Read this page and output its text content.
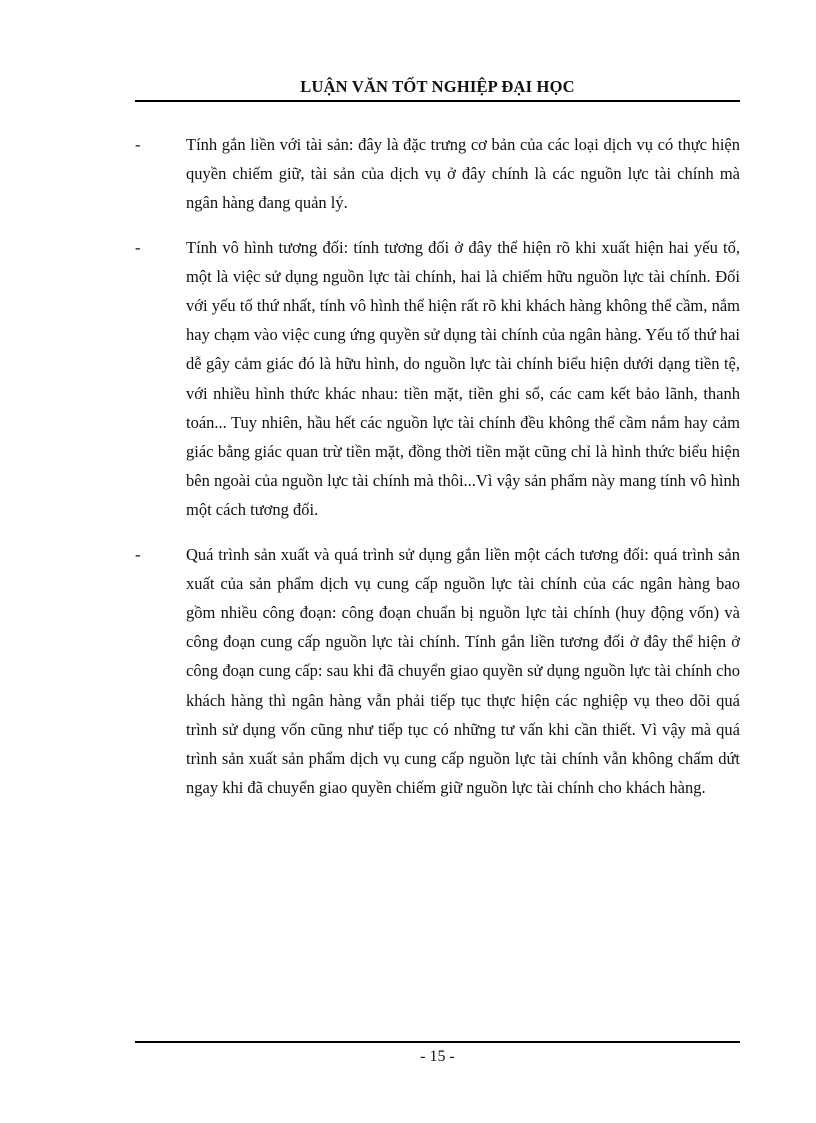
LUẬN VĂN TỐT NGHIỆP ĐẠI HỌC
-	Tính gắn liền với tài sản: đây là đặc trưng cơ bản của các loại dịch vụ có thực hiện quyền chiếm giữ, tài sản của dịch vụ ở đây chính là các nguồn lực tài chính mà ngân hàng đang quản lý.

-	Tính vô hình tương đối: tính tương đối ở đây thể hiện rõ khi xuất hiện hai yếu tố, một là việc sử dụng nguồn lực tài chính, hai là chiếm hữu nguồn lực tài chính. Đối với yếu tố thứ nhất, tính vô hình thể hiện rất rõ khi khách hàng không thể cầm, nắm hay chạm vào việc cung ứng quyền sử dụng tài chính của ngân hàng. Yếu tố thứ hai dễ gây cảm giác đó là hữu hình, do nguồn lực tài chính biểu hiện dưới dạng tiền tệ, với nhiều hình thức khác nhau: tiền mặt, tiền ghi sổ, các cam kết bảo lãnh, thanh toán... Tuy nhiên, hầu hết các nguồn lực tài chính đều không thể cầm nắm hay cảm giác bằng giác quan trừ tiền mặt, đồng thời tiền mặt cũng chỉ là hình thức biểu hiện bên ngoài của nguồn lực tài chính mà thôi...Vì vậy sản phẩm này mang tính vô hình một cách tương đối.

-	Quá trình sản xuất và quá trình sử dụng gắn liền một cách tương đối: quá trình sản xuất của sản phẩm dịch vụ cung cấp nguồn lực tài chính của các ngân hàng bao gồm nhiều công đoạn: công đoạn chuẩn bị nguồn lực tài chính (huy động vốn) và công đoạn cung cấp nguồn lực tài chính. Tính gắn liền tương đối ở đây thể hiện ở công đoạn cung cấp: sau khi đã chuyển giao quyền sử dụng nguồn lực tài chính cho khách hàng thì ngân hàng vẫn phải tiếp tục thực hiện các nghiệp vụ theo dõi quá trình sử dụng vốn cũng như tiếp tục có những tư vấn khi cần thiết. Vì vậy mà quá trình sản xuất sản phẩm dịch vụ cung cấp nguồn lực tài chính vẫn không chấm dứt ngay khi đã chuyển giao quyền chiếm giữ nguồn lực tài chính cho khách hàng.

- 15 -
